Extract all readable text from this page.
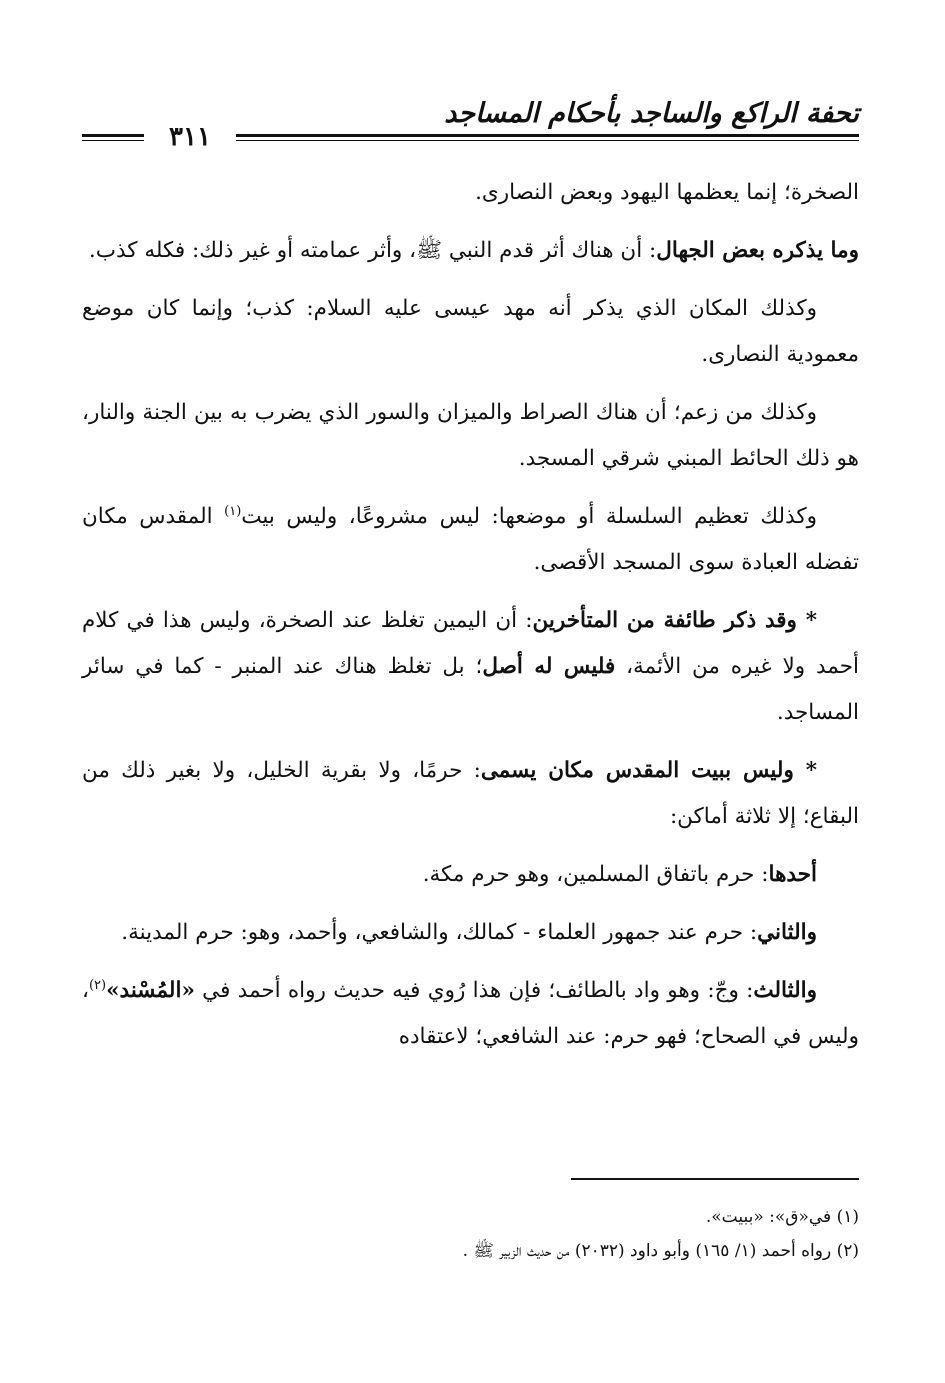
تحفة الراكع والساجد بأحكام المساجد
٣١١

الصخرة؛ إنما يعظمها اليهود وبعض النصارى.

وما يذكره بعض الجهال: أن هناك أثر قدم النبي ﷺ، وأثر عمامته أو غير ذلك: فكله كذب.

وكذلك المكان الذي يذكر أنه مهد عيسى عليه السلام: كذب؛ وإنما كان موضع معمودية النصارى.

وكذلك من زعم؛ أن هناك الصراط والميزان والسور الذي يضرب به بين الجنة والنار، هو ذلك الحائط المبني شرقي المسجد.

وكذلك تعظيم السلسلة أو موضعها: ليس مشروعًا، وليس بيت$^{(١)}$ المقدس مكان تفضله العبادة سوى المسجد الأقصى.

* وقد ذكر طائفة من المتأخرين: أن اليمين تغلظ عند الصخرة، وليس هذا في كلام أحمد ولا غيره من الأئمة، فليس له أصل؛ بل تغلظ هناك عند المنبر - كما في سائر المساجد.

* وليس ببيت المقدس مكان يسمى: حرمًا، ولا بقرية الخليل، ولا بغير ذلك من البقاع؛ إلا ثلاثة أماكن:

أحدها: حرم باتفاق المسلمين، وهو حرم مكة.

والثاني: حرم عند جمهور العلماء - كمالك، والشافعي، وأحمد، وهو: حرم المدينة.

والثالث: وجّ: وهو واد بالطائف؛ فإن هذا رُوي فيه حديث رواه أحمد في «المُسْند»$^{(٢)}$، وليس في الصحاح؛ فهو حرم: عند الشافعي؛ لاعتقاده

(١) في«ق»: «ببيت».

(٢) رواه أحمد (١/ ١٦٥) وأبو داود (٢٠٣٢) من حديث الزبير ﷺ .
